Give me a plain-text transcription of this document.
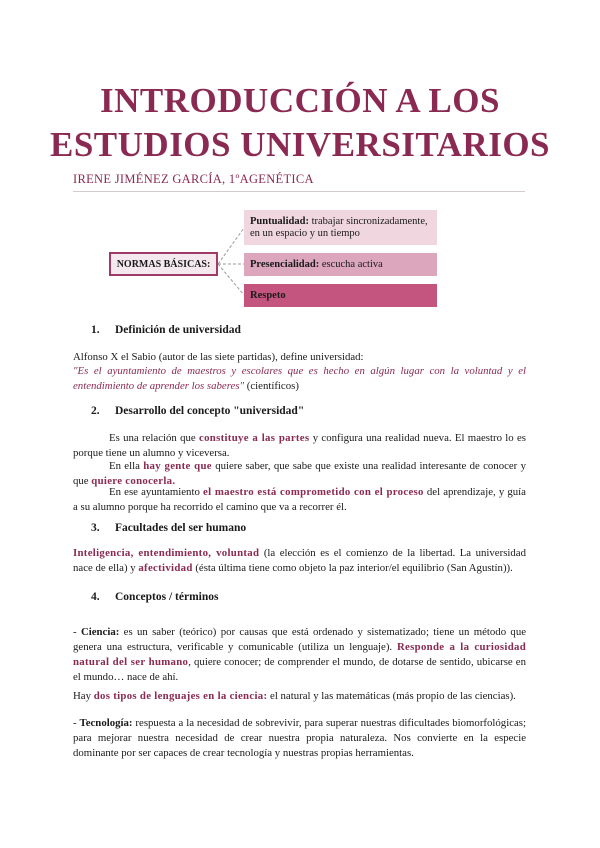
INTRODUCCIÓN A LOS
ESTUDIOS UNIVERSITARIOS
IRENE JIMÉNEZ GARCÍA, 1ºAGENÉTICA
NORMAS BÁSICAS:
Puntualidad: trabajar sincronizadamente, en un espacio y un tiempo
Presencialidad: escucha activa
Respeto
1. Definición de universidad
Alfonso X el Sabio (autor de las siete partidas), define universidad:
"Es el ayuntamiento de maestros y escolares que es hecho en algún lugar con la voluntad y el entendimiento de aprender los saberes" (científicos)
2. Desarrollo del concepto "universidad"
Es una relación que constituye a las partes y configura una realidad nueva. El maestro lo es porque tiene un alumno y viceversa.
En ella hay gente que quiere saber, que sabe que existe una realidad interesante de conocer y que quiere conocerla.
En ese ayuntamiento el maestro está comprometido con el proceso del aprendizaje, y guía a su alumno porque ha recorrido el camino que va a recorrer él.
3. Facultades del ser humano
Inteligencia, entendimiento, voluntad (la elección es el comienzo de la libertad. La universidad nace de ella) y afectividad (ésta última tiene como objeto la paz interior/el equilibrio (San Agustín)).
4. Conceptos / términos
- Ciencia: es un saber (teórico) por causas que está ordenado y sistematizado; tiene un método que genera una estructura, verificable y comunicable (utiliza un lenguaje). Responde a la curiosidad natural del ser humano, quiere conocer; de comprender el mundo, de dotarse de sentido, ubicarse en el mundo… nace de ahí.
Hay dos tipos de lenguajes en la ciencia: el natural y las matemáticas (más propio de las ciencias).
- Tecnología: respuesta a la necesidad de sobrevivir, para superar nuestras dificultades biomorfológicas; para mejorar nuestra necesidad de crear nuestra propia naturaleza. Nos convierte en la especie dominante por ser capaces de crear tecnología y nuestras propias herramientas.
